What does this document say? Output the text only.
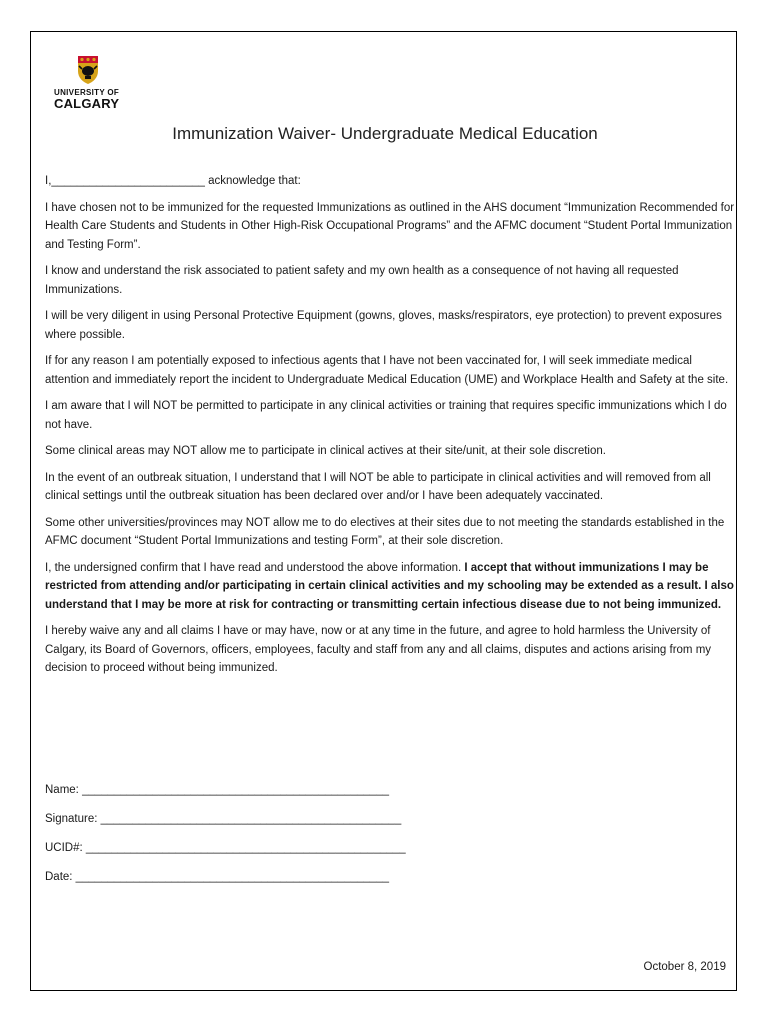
UNIVERSITY OF
CALGARY
Immunization Waiver- Undergraduate Medical Education

I,________________________ acknowledge that:

I have chosen not to be immunized for the requested Immunizations as outlined in the AHS document “Immunization Recommended for Health Care Students and Students in Other High-Risk Occupational Programs” and the AFMC document “Student Portal Immunization and Testing Form”.

I know and understand the risk associated to patient safety and my own health as a consequence of not having all requested Immunizations.

I will be very diligent in using Personal Protective Equipment (gowns, gloves, masks/respirators, eye protection) to prevent exposures where possible.

If for any reason I am potentially exposed to infectious agents that I have not been vaccinated for, I will seek immediate medical attention and immediately report the incident to Undergraduate Medical Education (UME) and Workplace Health and Safety at the site.

I am aware that I will NOT be permitted to participate in any clinical activities or training that requires specific immunizations which I do not have.

Some clinical areas may NOT allow me to participate in clinical actives at their site/unit, at their sole discretion.

In the event of an outbreak situation, I understand that I will NOT be able to participate in clinical activities and will removed from all clinical settings until the outbreak situation has been declared over and/or I have been adequately vaccinated.

Some other universities/provinces may NOT allow me to do electives at their sites due to not meeting the standards established in the AFMC document “Student Portal Immunizations and testing Form”, at their sole discretion.

I, the undersigned confirm that I have read and understood the above information. I accept that without immunizations I may be restricted from attending and/or participating in certain clinical activities and my schooling may be extended as a result. I also understand that I may be more at risk for contracting or transmitting certain infectious disease due to not being immunized.

I hereby waive any and all claims I have or may have, now or at any time in the future, and agree to hold harmless the University of Calgary, its Board of Governors, officers, employees, faculty and staff from any and all claims, disputes and actions arising from my decision to proceed without being immunized.

Name: ________________________________________________
Signature: _______________________________________________
UCID#: __________________________________________________
Date: _________________________________________________
October 8, 2019
